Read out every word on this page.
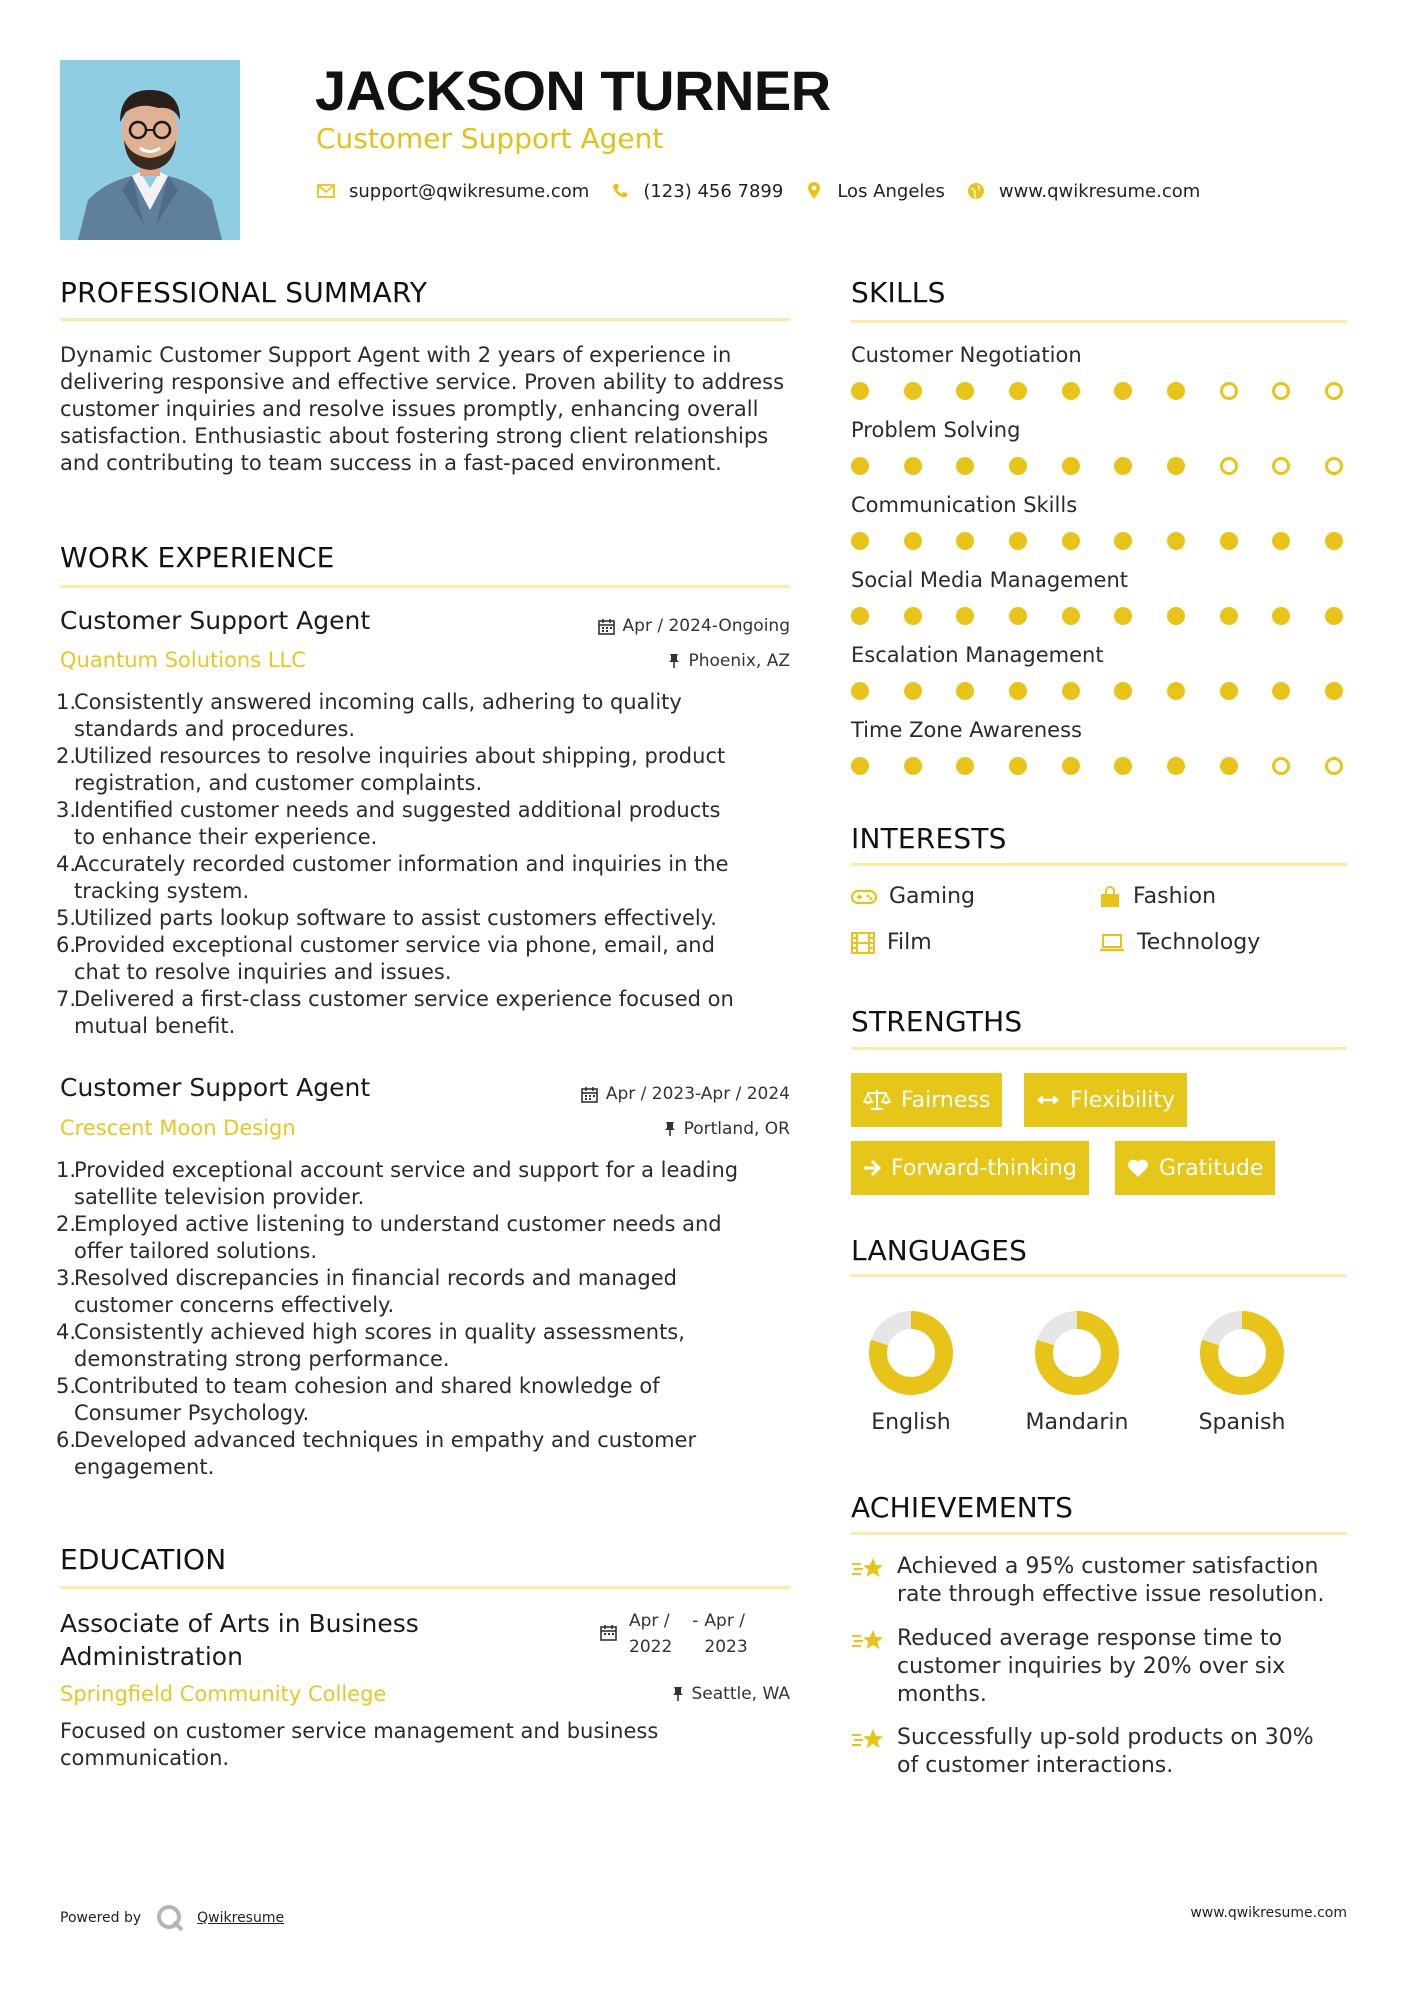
JACKSON TURNER
Customer Support Agent
support@qwikresume.com	(123) 456 7899	Los Angeles	www.qwikresume.com
PROFESSIONAL SUMMARY
Dynamic Customer Support Agent with 2 years of experience in delivering responsive and effective service. Proven ability to address customer inquiries and resolve issues promptly, enhancing overall satisfaction. Enthusiastic about fostering strong client relationships and contributing to team success in a fast-paced environment.
WORK EXPERIENCE
Customer Support Agent	Apr / 2024-Ongoing
Quantum Solutions LLC	Phoenix, AZ
1.
Consistently answered incoming calls, adhering to quality
standards and procedures.
2.
Utilized resources to resolve inquiries about shipping, product
registration, and customer complaints.
3.
Identified customer needs and suggested additional products
to enhance their experience.
4.
Accurately recorded customer information and inquiries in the
tracking system.
5.
Utilized parts lookup software to assist customers effectively.
6.
Provided exceptional customer service via phone, email, and
chat to resolve inquiries and issues.
7.
Delivered a first-class customer service experience focused on
mutual benefit.
Customer Support Agent	Apr / 2023-Apr / 2024
Crescent Moon Design	Portland, OR
1.
Provided exceptional account service and support for a leading
satellite television provider.
2.
Employed active listening to understand customer needs and
offer tailored solutions.
3.
Resolved discrepancies in financial records and managed
customer concerns effectively.
4.
Consistently achieved high scores in quality assessments,
demonstrating strong performance.
5.
Contributed to team cohesion and shared knowledge of
Consumer Psychology.
6.
Developed advanced techniques in empathy and customer
engagement.
EDUCATION
Associate of Arts in Business
Administration
Apr /
2022
- Apr /
2023
Springfield Community College	Seattle, WA
Focused on customer service management and business communication.
SKILLS
Customer Negotiation
Problem Solving
Communication Skills
Social Media Management
Escalation Management
Time Zone Awareness
INTERESTS
Gaming	Fashion
Film	Technology
STRENGTHS
Fairness	Flexibility
Forward-thinking	Gratitude
LANGUAGES
English	Mandarin	Spanish
ACHIEVEMENTS
Achieved a 95% customer satisfaction
rate through effective issue resolution.
Reduced average response time to
customer inquiries by 20% over six
months.
Successfully up-sold products on 30%
of customer interactions.
Powered by	Qwikresume	www.qwikresume.com
